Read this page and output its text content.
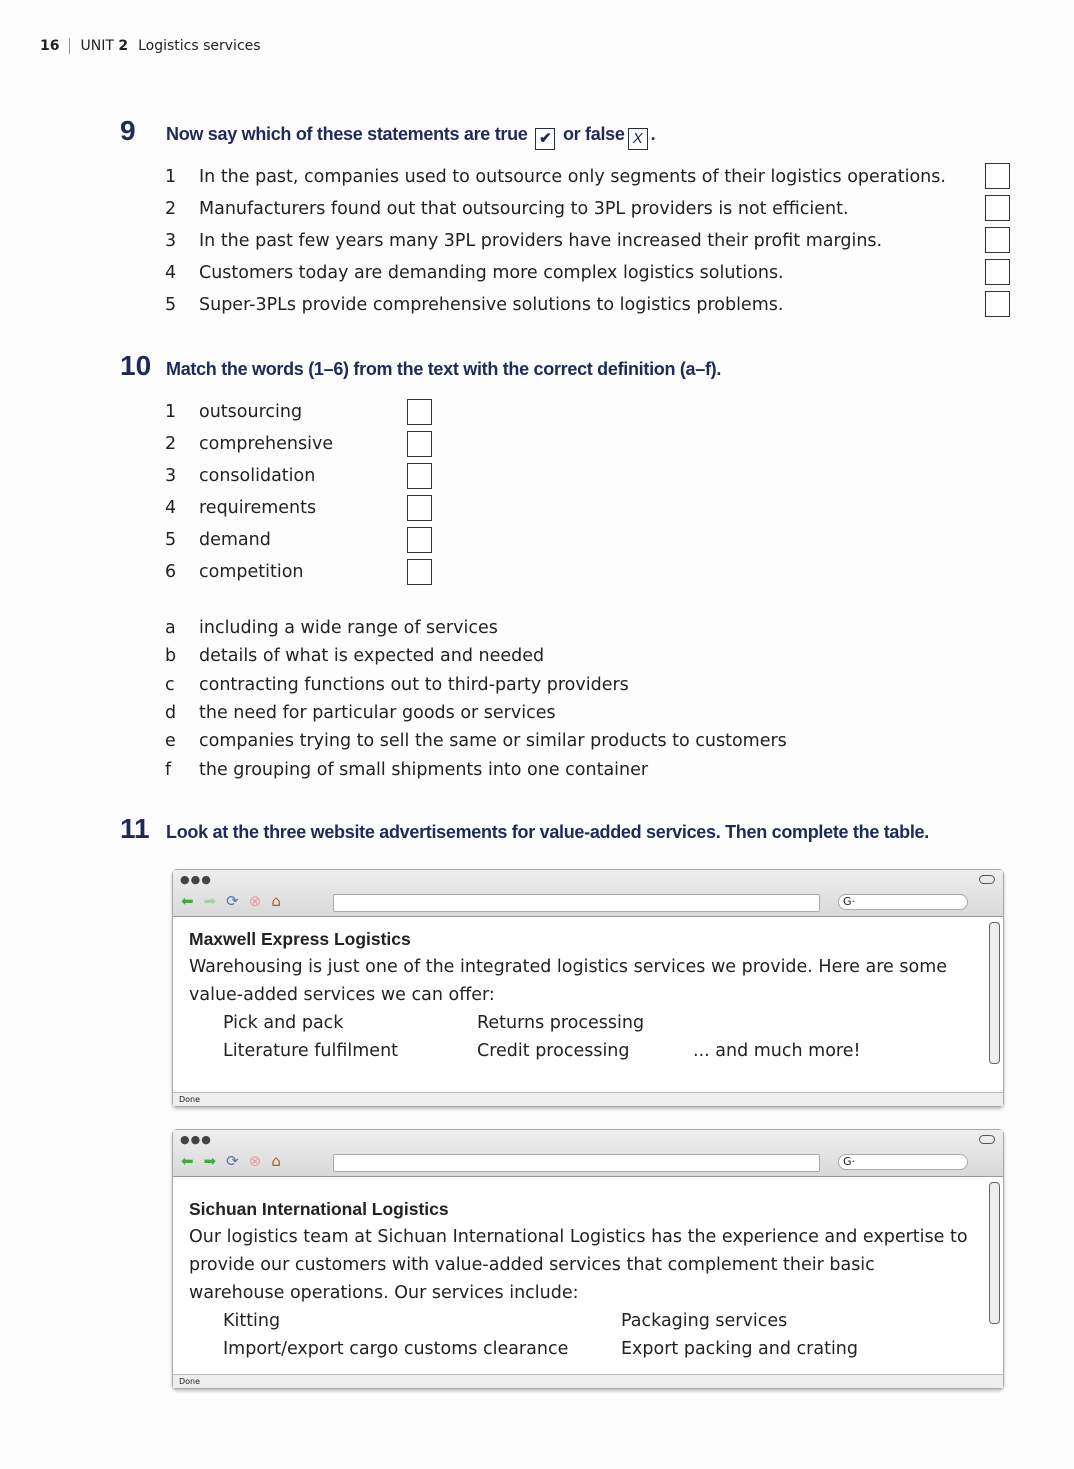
16 UNIT 2 Logistics services
9	Now say which of these statements are true ✔ or false X .
1	In the past, companies used to outsource only segments of their logistics operations.
2	Manufacturers found out that outsourcing to 3PL providers is not efficient.
3	In the past few years many 3PL providers have increased their profit margins.
4	Customers today are demanding more complex logistics solutions.
5	Super-3PLs provide comprehensive solutions to logistics problems.
10 Match the words (1–6) from the text with the correct definition (a–f).
1	outsourcing
2	comprehensive
3	consolidation
4	requirements
5	demand
6	competition
a	including a wide range of services
b	details of what is expected and needed
c	contracting functions out to third-party providers
d	the need for particular goods or services
e	companies trying to sell the same or similar products to customers
f	the grouping of small shipments into one container
11 Look at the three website advertisements for value-added services. Then complete the table.
●●●
⬅ ➡ ⟳ ⊗ ⌂	G·
Maxwell Express Logistics
Warehousing is just one of the integrated logistics services we provide. Here are some value-added services we can offer:
Pick and pack	Returns processing
Literature fulfilment	Credit processing	... and much more!
Done
●●●
⬅ ➡ ⟳ ⊗ ⌂	G·
Sichuan International Logistics
Our logistics team at Sichuan International Logistics has the experience and expertise to provide our customers with value-added services that complement their basic warehouse operations. Our services include:
Kitting	Packaging services
Import/export cargo customs clearance	Export packing and crating
Done
